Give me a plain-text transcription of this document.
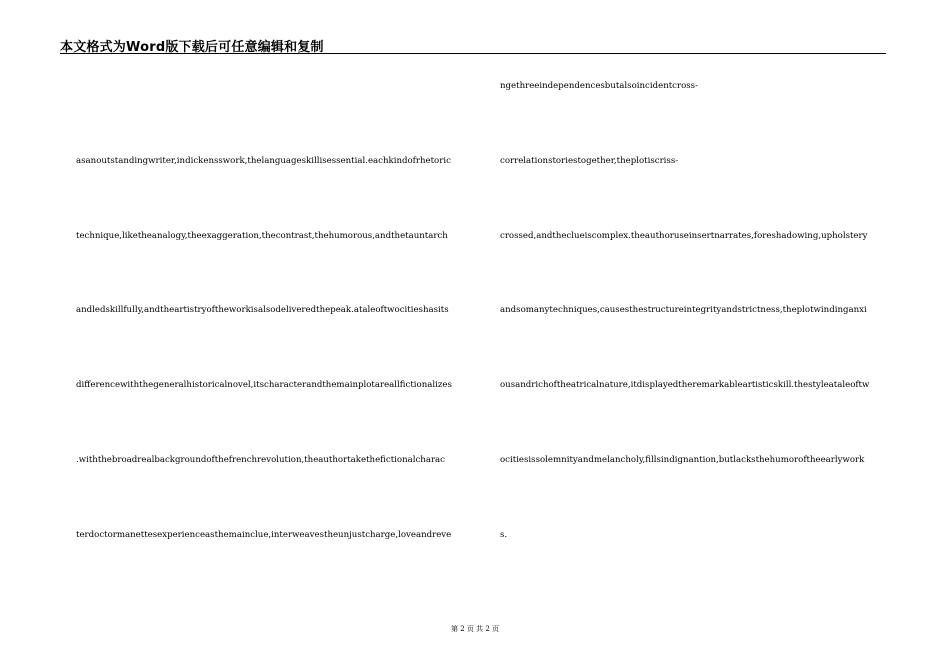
本文格式为Word版下载后可任意编辑和复制
asanoutstandingwriter,indickensswork,thelanguageskillisessential.eachkindofrhetoric
technique,liketheanalogy,theexaggeration,thecontrast,thehumorous,andthetauntarch
andledskillfully,andtheartistryoftheworkisalsodeliveredthepeak.ataleoftwocitieshasits
differencewiththegeneralhistoricalnovel,itscharacterandthemainplotareallfictionalizes
.withthebroadrealbackgroundofthefrenchrevolution,theauthortakethefictionalcharac
terdoctormanettesexperienceasthemainclue,interweavestheunjustcharge,loveandreve
ngethreeindependencesbutalsoincidentcross-
correlationstoriestogether,theplotiscriss-
crossed,andtheclueiscomplex.theauthoruseinsertnarrates,foreshadowing,upholstery
andsomanytechniques,causesthestructureintegrityandstrictness,theplotwindinganxi
ousandrichoftheatricalnature,itdisplayedtheremarkableartisticskill.thestyleataleoftw
ocitiesissolemnityandmelancholy,fillsindignantion,butlacksthehumoroftheearlywork
s.
第 2 页 共 2 页
